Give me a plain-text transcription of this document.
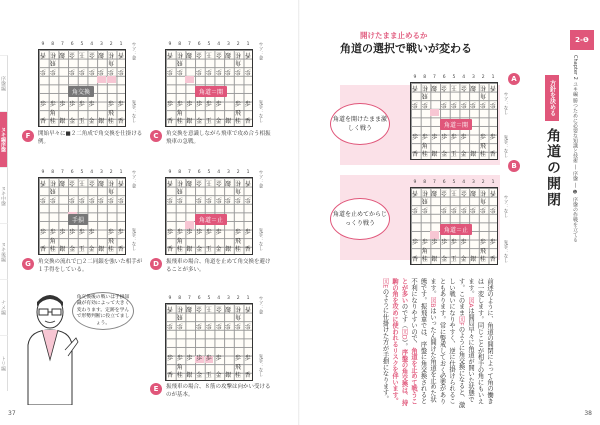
序盤編
ヌキ編序盤
ヌキ中盤
ヌキ後編
ナメ編
トリ編
9 8 7 6 5 4 3 2 1
香 桂 銀 金 王 金 銀 桂 香
飛	角
歩 歩 歩 歩 歩 歩 歩 歩
歩 歩 歩 歩 歩 歩 歩 歩
角	飛
香 桂 銀 金 玉 金 銀 桂 香
角交換
ウソ：金
先手：なし
9 8 7 6 5 4 3 2 1
香 桂 銀 金 王 金 銀 桂 香
飛	角
歩 歩 歩 歩 歩 歩 歩 歩
歩 歩 歩 歩 歩 歩 歩 歩
角	飛
香 桂 銀 金 玉 金 銀 桂 香
角道＝開
ウソ：金
先手：なし
F	開始早々に■２二角成で角交換を仕掛ける例。
C	角交換を意識しながら飛車で攻め合う相振飛車の急戦。
9 8 7 6 5 4 3 2 1
香 桂 銀 金 王 金 銀 桂 香
飛	角
歩 歩 歩 歩 歩 歩 歩 歩
歩 歩 歩 歩 歩 歩 歩 歩
角	飛
香 桂 銀 金 玉 金 銀 桂 香
手損
ウソ：金
先手：なし
9 8 7 6 5 4 3 2 1
香 桂 銀 金 王 金 銀 桂 香
飛	角
歩 歩 歩 歩 歩 歩 歩 歩
歩 歩 歩 歩 歩 歩 歩 歩
角	飛
香 桂 銀 金 玉 金 銀 桂 香
角道＝止
ウソ：金
先手：なし
G	角交換の流れで□２二同銀を強いた相手が１手得をしている。
D	振飛車の場合、角道を止めて角交換を避けることが多い。
9 8 7 6 5 4 3 2 1
香 桂 銀 金 王 金 銀 桂 香
飛	角
歩 歩 歩 歩 歩 歩 歩 歩
歩 歩 歩 歩 歩 歩 歩 歩
角	飛
香 桂 銀 金 玉 金 銀 桂 香
ウソ：金
先手：なし
E	振飛車の場合、８筋の攻撃は向かい受けるのが基本。
角交換後の戦いは手損知識が有効によって大きく変わります。定跡を学んで形勢判断に役立てましょう。
37
開けたまま止めるか
角道の選択で戦いが変わる
2-❶
Chapter 2 ユキ編 勝つために必要な知識と技術 ― 序盤 ― ❶ 序盤の作戦を立てる
方針を決める
角道の開閉
角道を開けたまま激しく戦う
角道を止めてからじっくり戦う
A
B
9 8 7 6 5 4 3 2 1
香 桂 銀 金 王 金 銀 桂 香
飛	角
歩 歩 歩 歩 歩 歩 歩 歩
歩 歩 歩 歩 歩 歩 歩 歩
角	飛
香 桂 銀 金 玉 金 銀 桂 香
角道＝開
ウソ：なし
先手：なし
9 8 7 6 5 4 3 2 1
香 桂 銀 金 王 金 銀 桂 香
飛	角
歩 歩 歩 歩 歩 歩 歩 歩
歩 歩 歩 歩 歩 歩 歩 歩
角	飛
香 桂 銀 金 玉 金 銀 桂 香
角道＝止
ウソ：なし
先手：なし
前述のように、角道の開閉によって角の働きは一変します。同じことが相手の角にもいえます。図Aは開局早々に角道が開いた状態です。このまま図Fのように角交換になると、激しい戦いになりやすく、逆に仕掛けられることもあります。常に警戒しておく必要があります。図Bはいったん開けた角道を止めた状態です。振飛車では、序盤に角交換されると不利になりやすいので、角道を止めて戦うことが多いのです（図D）。序盤の角交換は、持駒の角を攻めに使われるリスクを伴います。図Eのように仕掛けた方が手損になります。
38
